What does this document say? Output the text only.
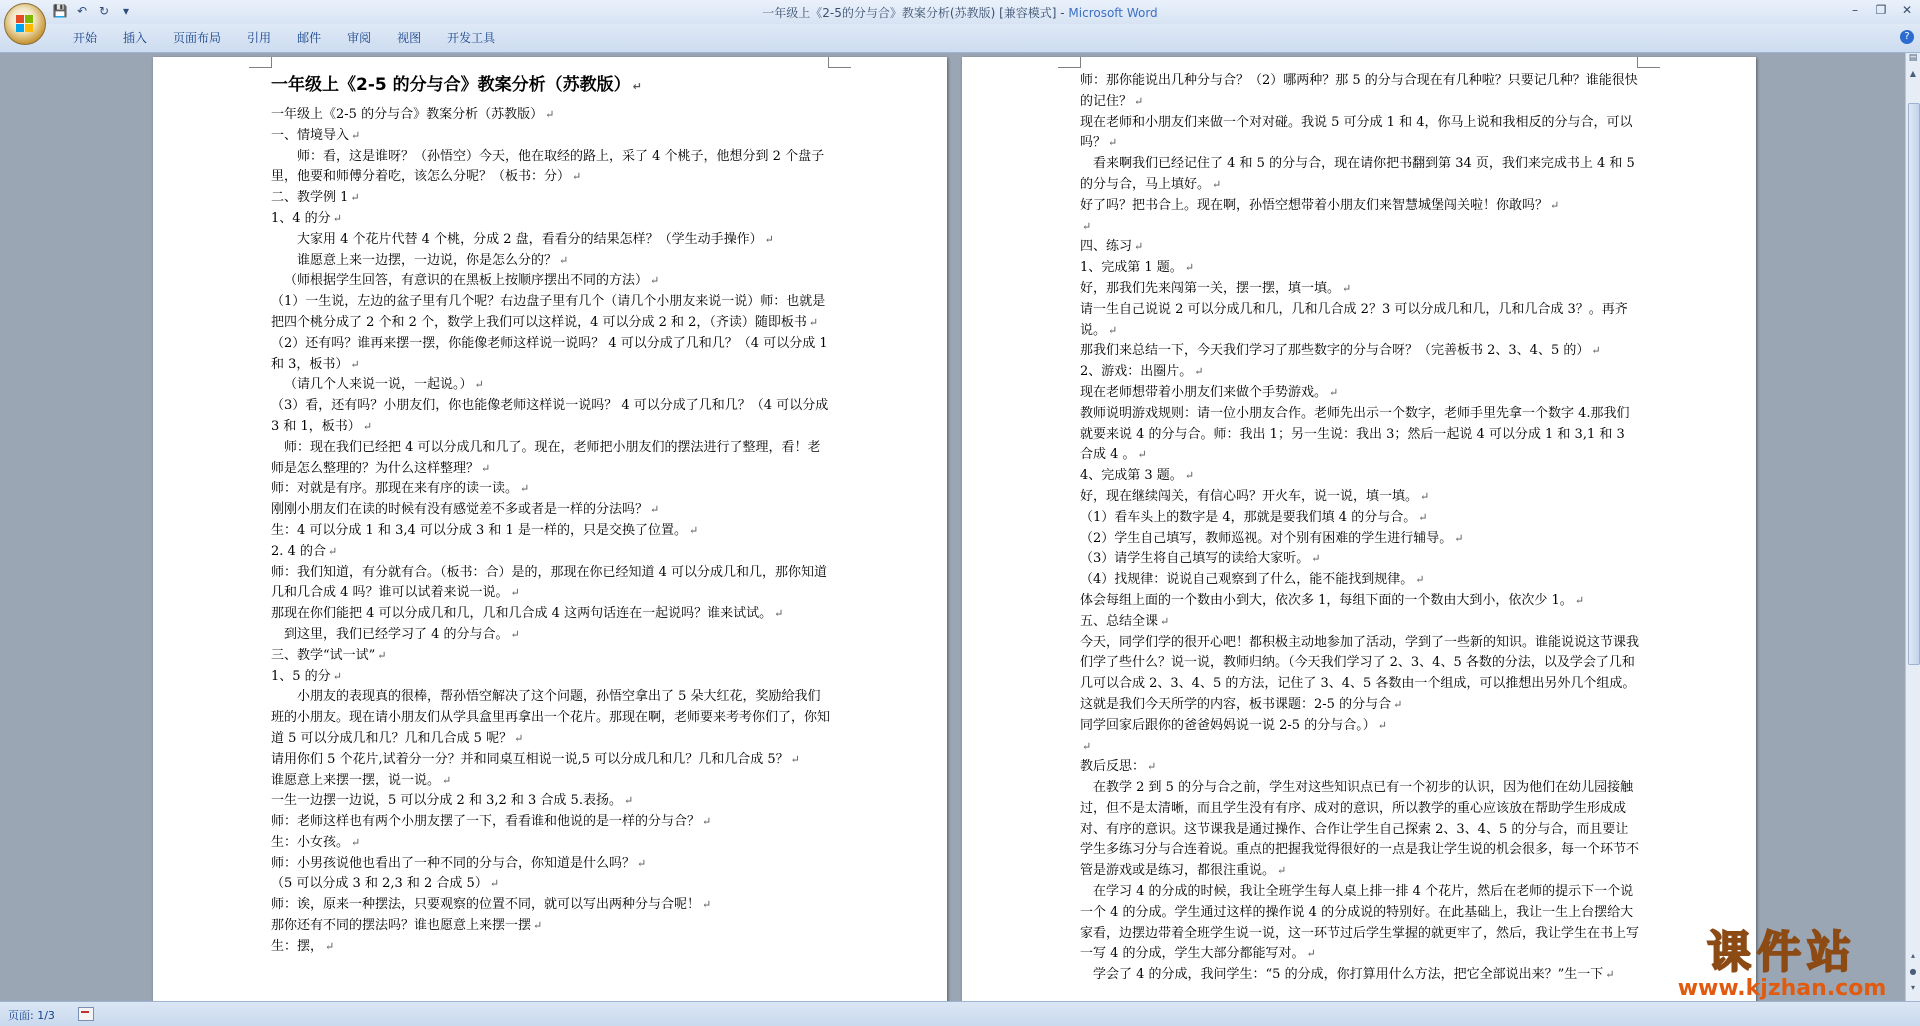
💾 ↶ ↻	▾	一年级上《2-5的分与合》教案分析(苏教版) [兼容模式] - Microsoft Word	–	❐	✕
开始	插入	页面布局	引用	邮件	审阅	视图	开发工具	?

一年级上《2-5 的分与合》教案分析（苏教版） ↵

一年级上《2-5 的分与合》教案分析（苏教版） ↵

一、情境导入 ↵

师：看，这是谁呀？（孙悟空）今天，他在取经的路上，采了 4 个桃子，他想分到 2 个盘子里，他要和师傅分着吃，该怎么分呢？（板书：分） ↵

二、教学例 1 ↵

1、4 的分 ↵

大家用 4 个花片代替 4 个桃，分成 2 盘，看看分的结果怎样？（学生动手操作） ↵

谁愿意上来一边摆，一边说，你是怎么分的？ ↵

（师根据学生回答，有意识的在黑板上按顺序摆出不同的方法） ↵

（1）一生说，左边的盆子里有几个呢？右边盘子里有几个（请几个小朋友来说一说）师：也就是把四个桃分成了 2 个和 2 个，数学上我们可以这样说，4 可以分成 2 和 2，（齐读）随即板书 ↵

（2）还有吗？谁再来摆一摆，你能像老师这样说一说吗？ 4 可以分成了几和几？（4 可以分成 1 和 3，板书） ↵

（请几个人来说一说，一起说。） ↵

（3）看，还有吗？小朋友们，你也能像老师这样说一说吗？ 4 可以分成了几和几？（4 可以分成 3 和 1，板书） ↵

师：现在我们已经把 4 可以分成几和几了。现在，老师把小朋友们的摆法进行了整理，看！老师是怎么整理的？为什么这样整理？ ↵

师：对就是有序。那现在来有序的读一读。 ↵

刚刚小朋友们在读的时候有没有感觉差不多或者是一样的分法吗？ ↵

生：4 可以分成 1 和 3,4 可以分成 3 和 1 是一样的，只是交换了位置。 ↵

2. 4 的合 ↵

师：我们知道，有分就有合。（板书：合）是的，那现在你已经知道 4 可以分成几和几，那你知道几和几合成 4 吗？谁可以试着来说一说。 ↵

那现在你们能把 4 可以分成几和几，几和几合成 4 这两句话连在一起说吗？谁来试试。 ↵

到这里，我们已经学习了 4 的分与合。 ↵

三、教学“试一试” ↵

1、5 的分 ↵

小朋友的表现真的很棒，帮孙悟空解决了这个问题，孙悟空拿出了 5 朵大红花，奖励给我们班的小朋友。现在请小朋友们从学具盒里再拿出一个花片。那现在啊，老师要来考考你们了，你知道 5 可以分成几和几？几和几合成 5 呢？ ↵

请用你们 5 个花片,试着分一分？并和同桌互相说一说,5 可以分成几和几？几和几合成 5？ ↵

谁愿意上来摆一摆，说一说。 ↵

一生一边摆一边说，5 可以分成 2 和 3,2 和 3 合成 5.表扬。 ↵

师：老师这样也有两个小朋友摆了一下，看看谁和他说的是一样的分与合？ ↵

生：小女孩。 ↵

师：小男孩说他也看出了一种不同的分与合，你知道是什么吗？ ↵

（5 可以分成 3 和 2,3 和 2 合成 5） ↵

师：诶，原来一种摆法，只要观察的位置不同，就可以写出两种分与合呢！ ↵

那你还有不同的摆法吗？谁也愿意上来摆一摆 ↵

生：摆， ↵

师：那你能说出几种分与合？（2）哪两种？那 5 的分与合现在有几种啦？只要记几种？谁能很快的记住？ ↵

现在老师和小朋友们来做一个对对碰。我说 5 可分成 1 和 4，你马上说和我相反的分与合，可以吗？ ↵

看来啊我们已经记住了 4 和 5 的分与合，现在请你把书翻到第 34 页，我们来完成书上 4 和 5 的分与合，马上填好。 ↵

好了吗？把书合上。现在啊，孙悟空想带着小朋友们来智慧城堡闯关啦！你敢吗？ ↵

↵

四、练习 ↵

1、完成第 1 题。 ↵

好，那我们先来闯第一关，摆一摆，填一填。 ↵

请一生自己说说 2 可以分成几和几，几和几合成 2？3 可以分成几和几，几和几合成 3？。再齐说。 ↵

那我们来总结一下，今天我们学习了那些数字的分与合呀？（完善板书 2、3、4、5 的） ↵

2、游戏：出圈片。 ↵

现在老师想带着小朋友们来做个手势游戏。 ↵

教师说明游戏规则：请一位小朋友合作。老师先出示一个数字，老师手里先拿一个数字 4.那我们就要来说 4 的分与合。师：我出 1；另一生说：我出 3；然后一起说 4 可以分成 1 和 3,1 和 3 合成 4 。 ↵

4、完成第 3 题。 ↵

好，现在继续闯关，有信心吗？开火车，说一说，填一填。 ↵

（1）看车头上的数字是 4，那就是要我们填 4 的分与合。 ↵

（2）学生自己填写，教师巡视。对个别有困难的学生进行辅导。 ↵

（3）请学生将自己填写的读给大家听。 ↵

（4）找规律：说说自己观察到了什么，能不能找到规律。 ↵

体会每组上面的一个数由小到大，依次多 1，每组下面的一个数由大到小，依次少 1。 ↵

五、总结全课 ↵

今天，同学们学的很开心吧！都积极主动地参加了活动，学到了一些新的知识。谁能说说这节课我们学了些什么？说一说，教师归纳。（今天我们学习了 2、3、4、5 各数的分法，以及学会了几和几可以合成 2、3、4、5 的方法，记住了 3、4、5 各数由一个组成，可以推想出另外几个组成。这就是我们今天所学的内容，板书课题：2-5 的分与合 ↵

同学回家后跟你的爸爸妈妈说一说 2-5 的分与合。） ↵

↵

教后反思： ↵

在教学 2 到 5 的分与合之前，学生对这些知识点已有一个初步的认识，因为他们在幼儿园接触过，但不是太清晰，而且学生没有有序、成对的意识，所以教学的重心应该放在帮助学生形成成对、有序的意识。这节课我是通过操作、合作让学生自己探索 2、3、4、5 的分与合，而且要让学生多练习分与合连着说。重点的把握我觉得很好的一点是我让学生说的机会很多，每一个环节不管是游戏或是练习，都很注重说。 ↵

在学习 4 的分成的时候，我让全班学生每人桌上排一排 4 个花片，然后在老师的提示下一个说一个 4 的分成。学生通过这样的操作说 4 的分成说的特别好。在此基础上，我让一生上台摆给大家看，边摆边带着全班学生说一说，这一环节过后学生掌握的就更牢了，然后，我让学生在书上写一写 4 的分成，学生大部分都能写对。 ↵

学会了 4 的分成，我问学生：“5 的分成，你打算用什么方法，把它全部说出来？”生一下 ↵

▤
▲
▴
●
▾
页面: 1/3
课件站
www.kjzhan.com
